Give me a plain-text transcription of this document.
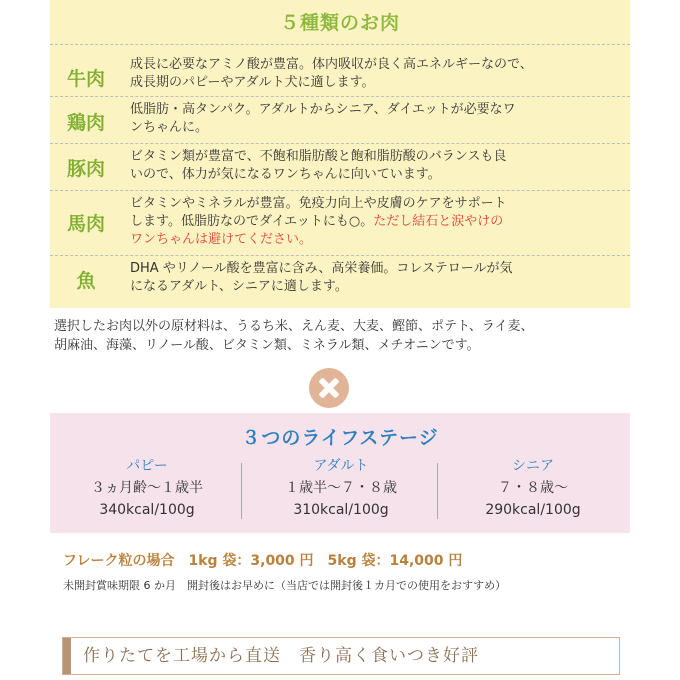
５種類のお肉
牛肉
成長に必要なアミノ酸が豊富。体内吸収が良く高エネルギーなので、
成長期のパピーやアダルト犬に適します。
鶏肉
低脂肪・高タンパク。アダルトからシニア、ダイエットが必要なワ
ンちゃんに。
豚肉
ビタミン類が豊富で、不飽和脂肪酸と飽和脂肪酸のバランスも良
いので、体力が気になるワンちゃんに向いています。
馬肉
ビタミンやミネラルが豊富。免疫力向上や皮膚のケアをサポート
します。低脂肪なのでダイエットにも○。ただし結石と涙やけの
ワンちゃんは避けてください。
魚
DHA やリノール酸を豊富に含み、高栄養価。コレステロールが気
になるアダルト、シニアに適します。
選択したお肉以外の原材料は、うるち米、えん麦、大麦、鰹節、ポテト、ライ麦、
胡麻油、海藻、リノール酸、ビタミン類、ミネラル類、メチオニンです。
３つのライフステージ
パピー
３ヵ月齢～１歳半
340kcal/100g
アダルト
１歳半～７・８歳
310kcal/100g
シニア
７・８歳～
290kcal/100g
フレーク粒の場合　1kg 袋：3,000 円　5kg 袋：14,000 円
未開封賞味期限 6 か月　開封後はお早めに（当店では開封後１カ月での使用をおすすめ）
作りたてを工場から直送　香り高く食いつき好評
